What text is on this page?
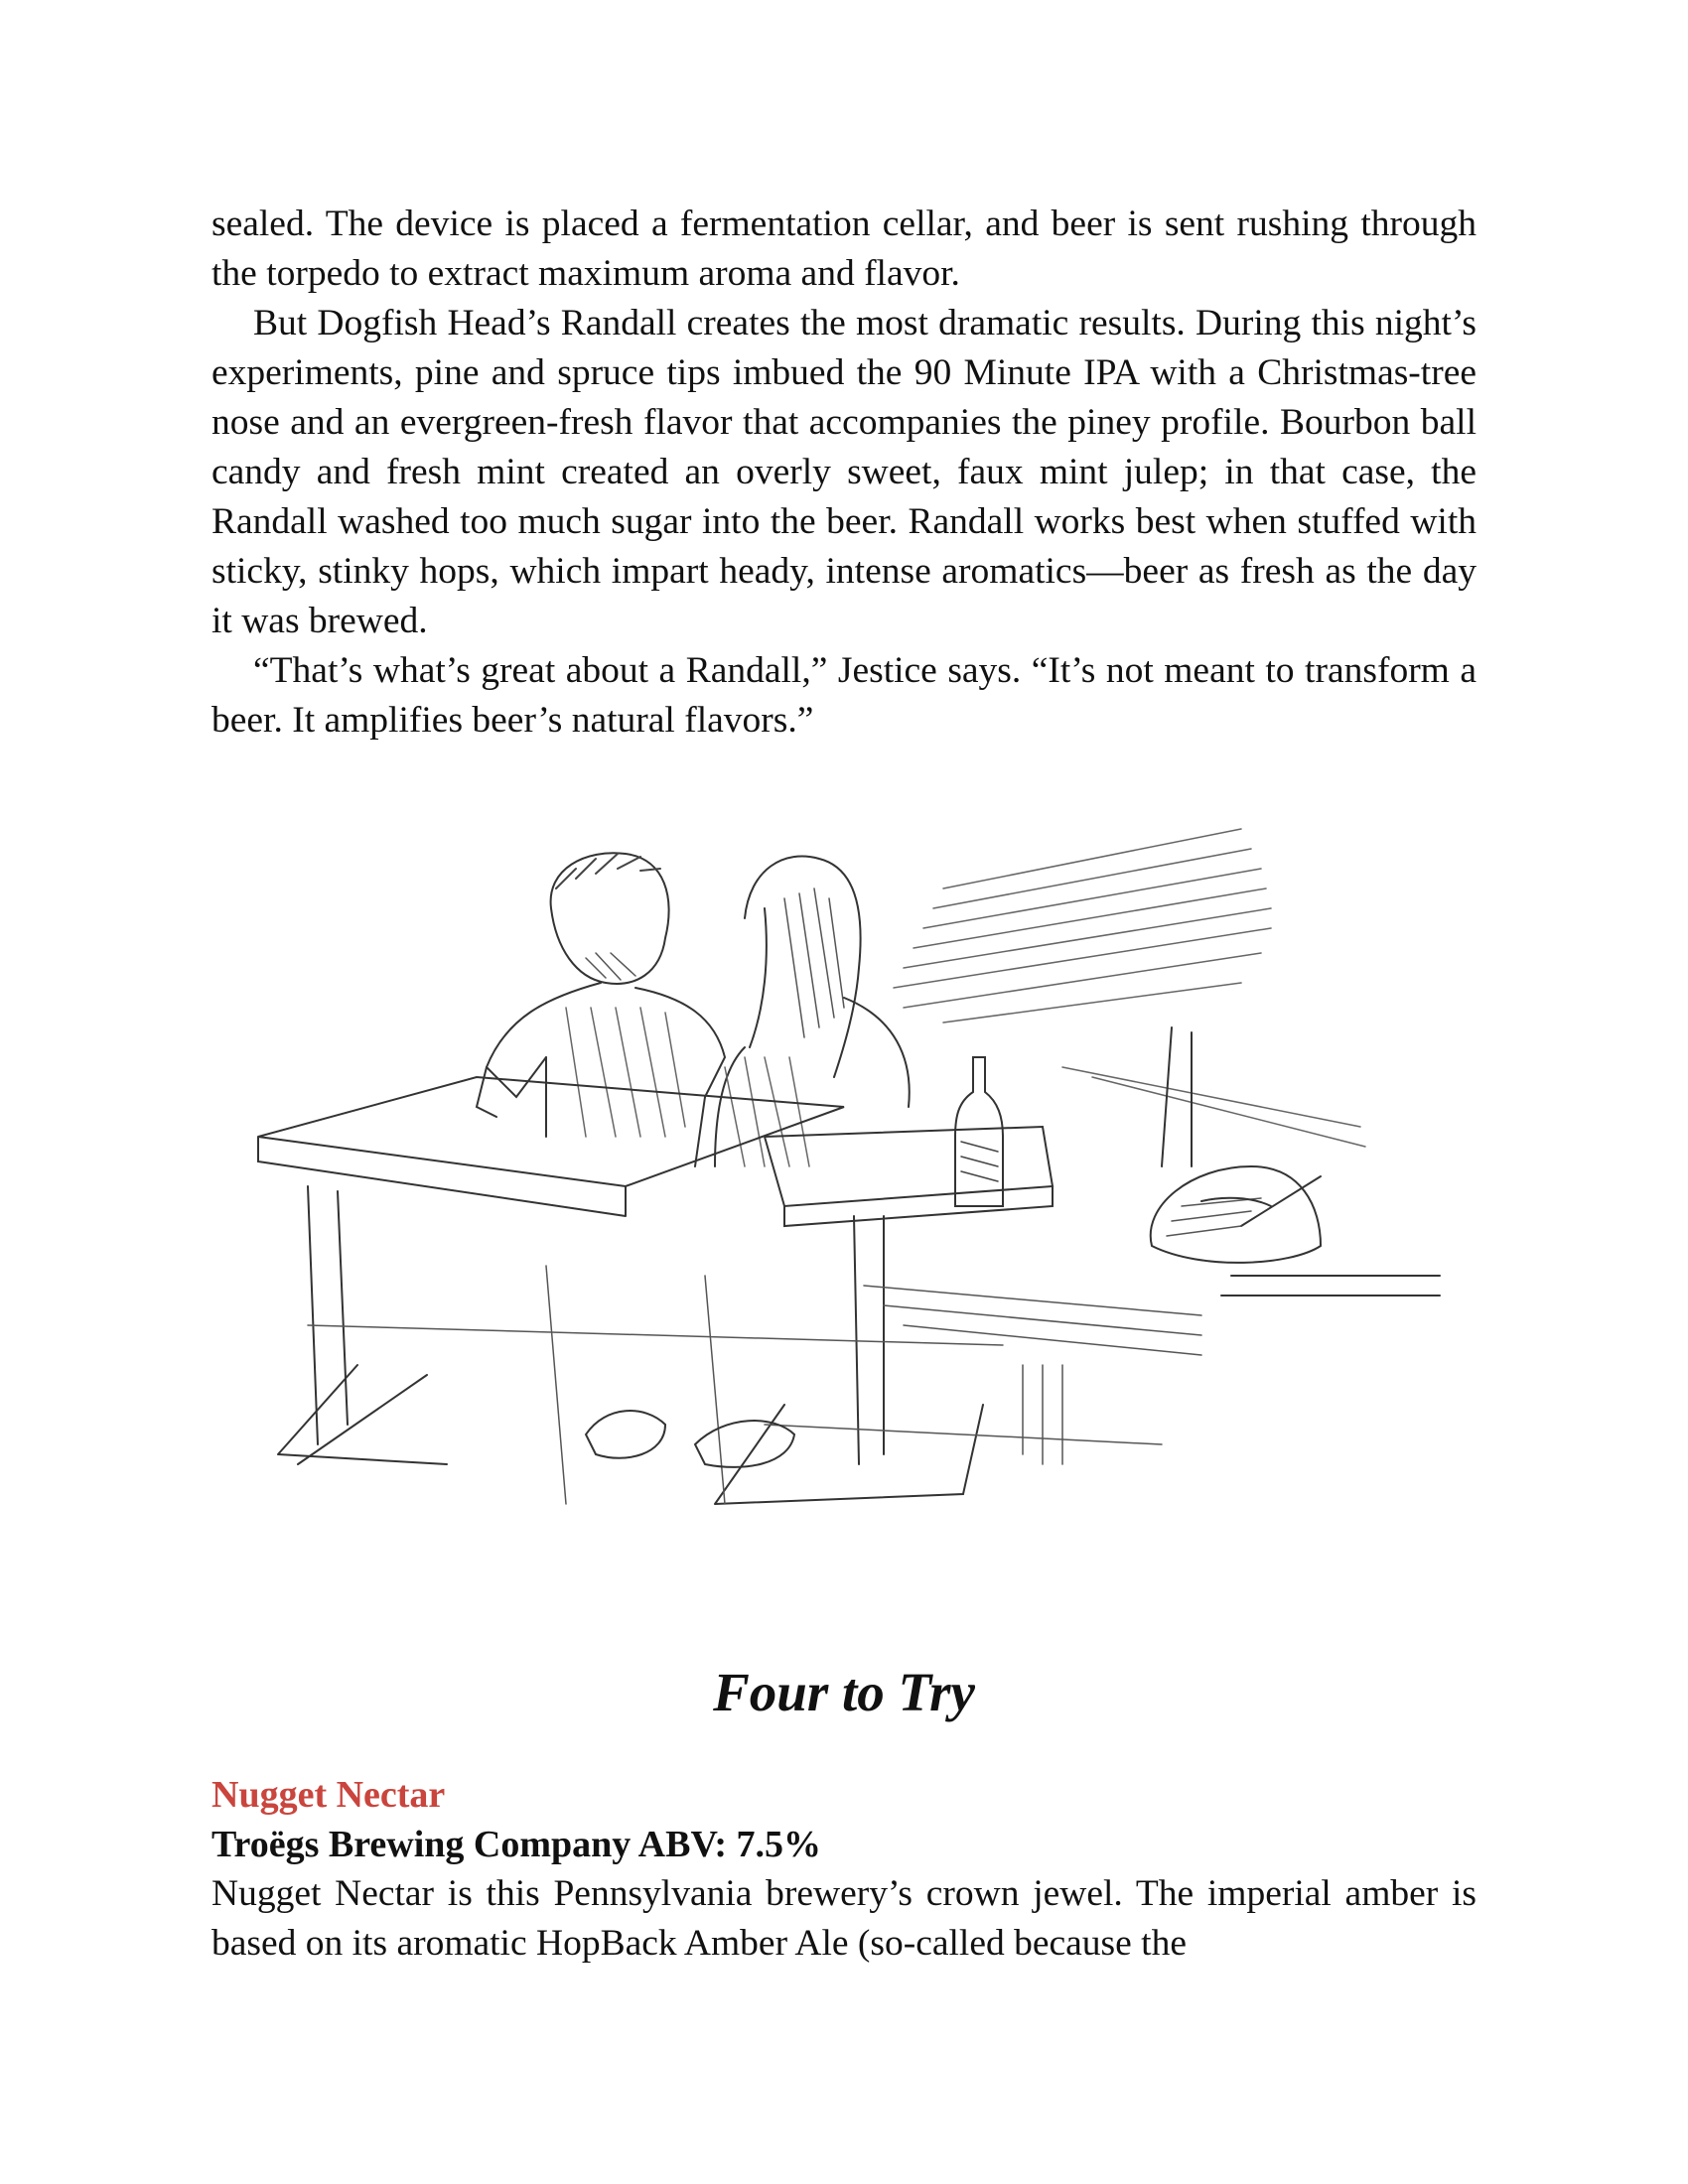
sealed. The device is placed a fermentation cellar, and beer is sent rushing through the torpedo to extract maximum aroma and flavor.

But Dogfish Head’s Randall creates the most dramatic results. During this night’s experiments, pine and spruce tips imbued the 90 Minute IPA with a Christmas-tree nose and an evergreen-fresh flavor that accompanies the piney profile. Bourbon ball candy and fresh mint created an overly sweet, faux mint julep; in that case, the Randall washed too much sugar into the beer. Randall works best when stuffed with sticky, stinky hops, which impart heady, intense aromatics—beer as fresh as the day it was brewed.

“That’s what’s great about a Randall,” Jestice says. “It’s not meant to transform a beer. It amplifies beer’s natural flavors.”

Four to Try
Nugget Nectar

Troëgs Brewing Company ABV: 7.5%

Nugget Nectar is this Pennsylvania brewery’s crown jewel. The imperial amber is based on its aromatic HopBack Amber Ale (so-called because the
